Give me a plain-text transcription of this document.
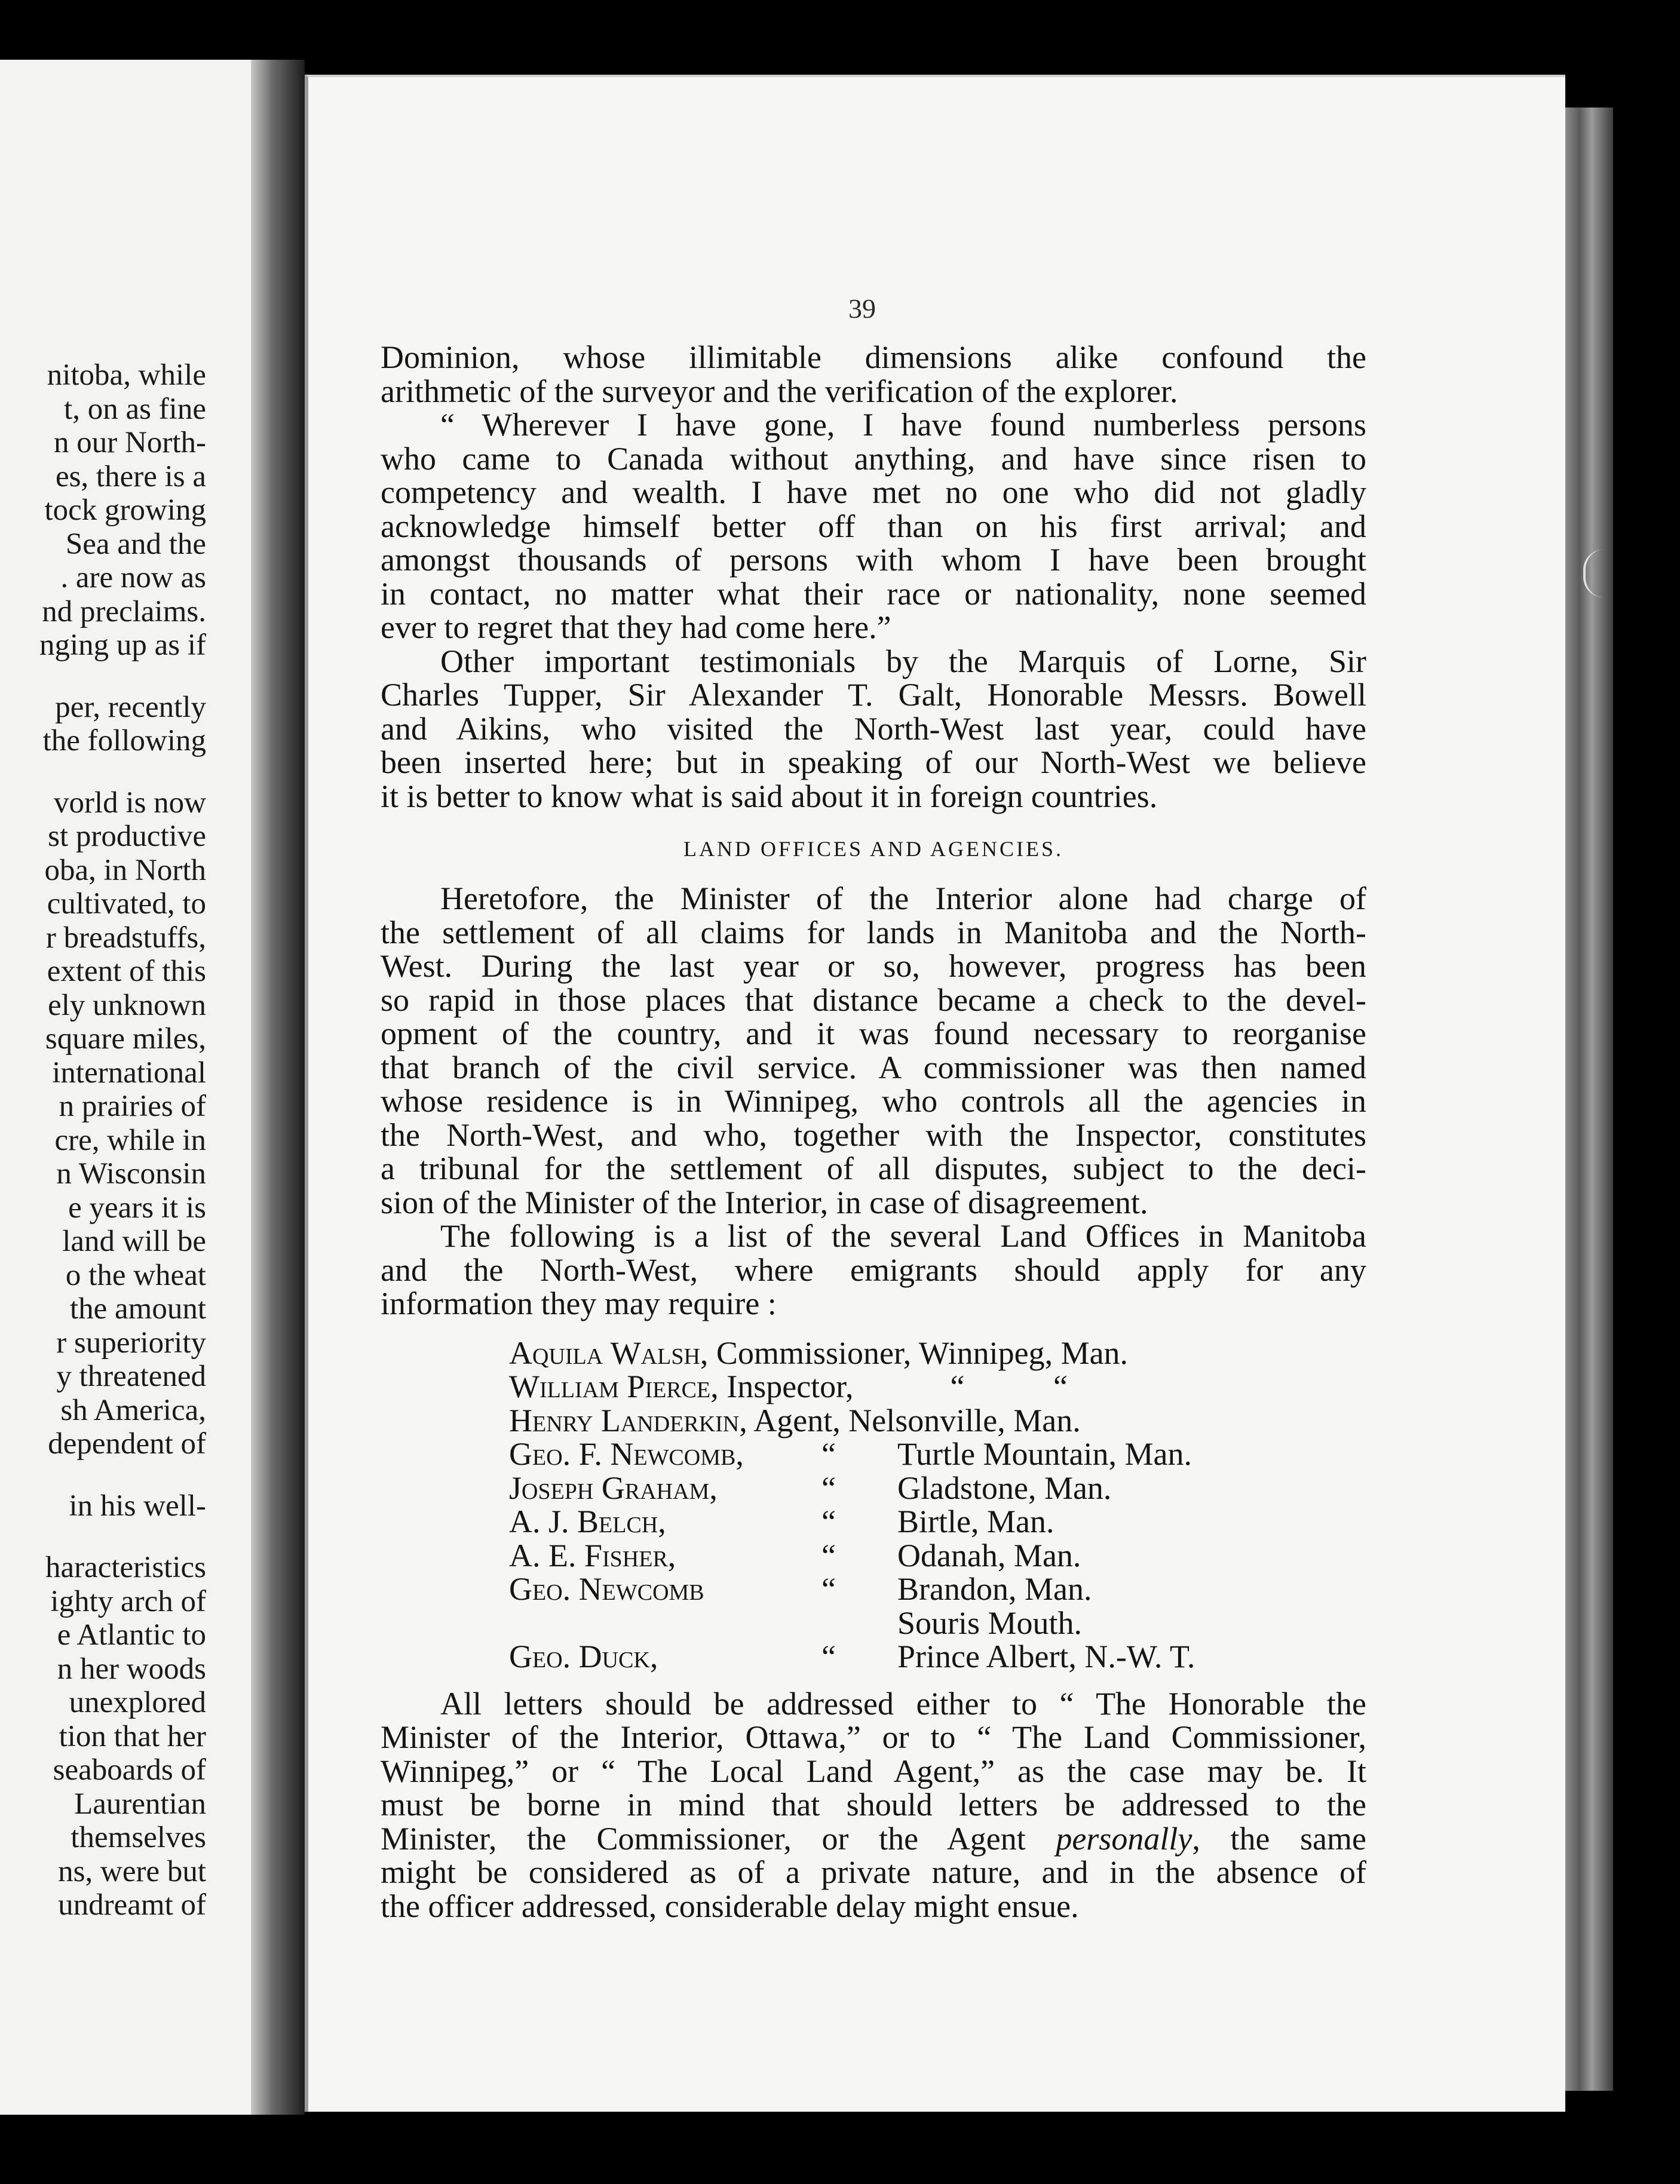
nitoba, while
t, on as fine
n our North-
es, there is a
tock growing
Sea and the
. are now as
nd preclaims.
nging up as if
per, recently
the following
vorld is now
st productive
oba, in North
cultivated, to
r breadstuffs,
extent of this
ely unknown
square miles,
international
n prairies of
cre, while in
n Wisconsin
e years it is
land will be
o the wheat
the amount
r superiority
y threatened
sh America,
dependent of
in his well-
haracteristics
ighty arch of
e Atlantic to
n her woods
unexplored
tion that her
seaboards of
Laurentian
themselves
ns, were but
undreamt of
39
Dominion, whose illimitable dimensions alike confound the
arithmetic of the surveyor and the verification of the explorer.
“ Wherever I have gone, I have found numberless persons
who came to Canada without anything, and have since risen to
competency and wealth. I have met no one who did not gladly
acknowledge himself better off than on his first arrival; and
amongst thousands of persons with whom I have been brought
in contact, no matter what their race or nationality, none seemed
ever to regret that they had come here.”
Other important testimonials by the Marquis of Lorne, Sir
Charles Tupper, Sir Alexander T. Galt, Honorable Messrs. Bowell
and Aikins, who visited the North-West last year, could have
been inserted here; but in speaking of our North-West we believe
it is better to know what is said about it in foreign countries.
LAND OFFICES AND AGENCIES.
Heretofore, the Minister of the Interior alone had charge of
the settlement of all claims for lands in Manitoba and the North-
West. During the last year or so, however, progress has been
so rapid in those places that distance became a check to the devel-
opment of the country, and it was found necessary to reorganise
that branch of the civil service. A commissioner was then named
whose residence is in Winnipeg, who controls all the agencies in
the North-West, and who, together with the Inspector, constitutes
a tribunal for the settlement of all disputes, subject to the deci-
sion of the Minister of the Interior, in case of disagreement.
The following is a list of the several Land Offices in Manitoba
and the North-West, where emigrants should apply for any
information they may require :
Aquila Walsh, Commissioner, Winnipeg, Man.
William Pierce, Inspector,            “           “
Henry Landerkin, Agent, Nelsonville, Man.
Geo. F. Newcomb,	“	Turtle Mountain, Man.
Joseph Graham,	“	Gladstone, Man.
A. J. Belch,	“	Birtle, Man.
A. E. Fisher,	“	Odanah, Man.
Geo. Newcomb	“	Brandon, Man.
Souris Mouth.
Geo. Duck,	“	Prince Albert, N.-W. T.
All letters should be addressed either to “ The Honorable the
Minister of the Interior, Ottawa,” or to “ The Land Commissioner,
Winnipeg,” or “ The Local Land Agent,” as the case may be. It
must be borne in mind that should letters be addressed to the
Minister, the Commissioner, or the Agent personally, the same
might be considered as of a private nature, and in the absence of
the officer addressed, considerable delay might ensue.
